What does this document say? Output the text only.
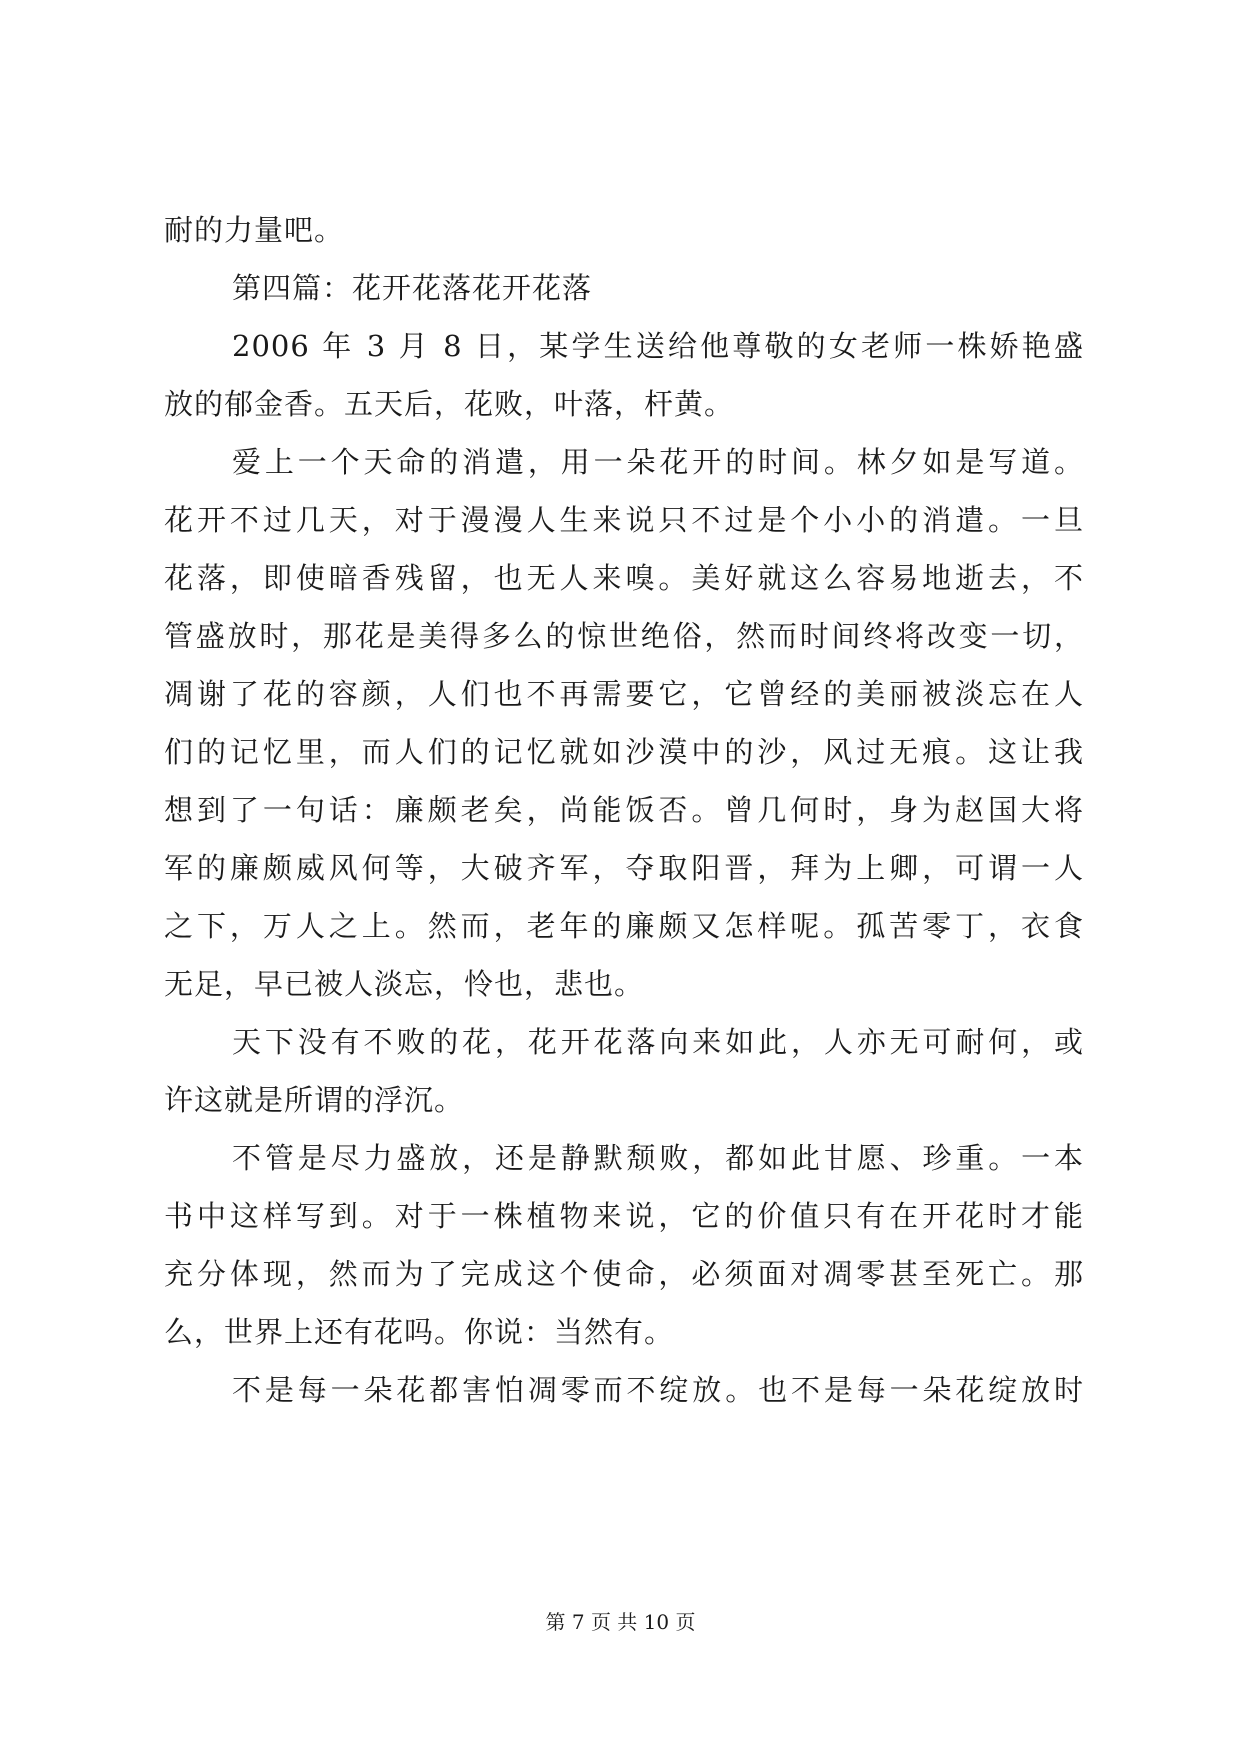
耐的力量吧。
第四篇：花开花落花开花落
2006 年 3 月 8 日，某学生送给他尊敬的女老师一株娇艳盛
放的郁金香。五天后，花败，叶落，杆黄。
爱上一个天命的消遣，用一朵花开的时间。林夕如是写道。
花开不过几天，对于漫漫人生来说只不过是个小小的消遣。一旦
花落，即使暗香残留，也无人来嗅。美好就这么容易地逝去，不
管盛放时，那花是美得多么的惊世绝俗，然而时间终将改变一切，
凋谢了花的容颜，人们也不再需要它，它曾经的美丽被淡忘在人
们的记忆里，而人们的记忆就如沙漠中的沙，风过无痕。这让我
想到了一句话：廉颇老矣，尚能饭否。曾几何时，身为赵国大将
军的廉颇威风何等，大破齐军，夺取阳晋，拜为上卿，可谓一人
之下，万人之上。然而，老年的廉颇又怎样呢。孤苦零丁，衣食
无足，早已被人淡忘，怜也，悲也。
天下没有不败的花，花开花落向来如此，人亦无可耐何，或
许这就是所谓的浮沉。
不管是尽力盛放，还是静默颓败，都如此甘愿、珍重。一本
书中这样写到。对于一株植物来说，它的价值只有在开花时才能
充分体现，然而为了完成这个使命，必须面对凋零甚至死亡。那
么，世界上还有花吗。你说：当然有。
不是每一朵花都害怕凋零而不绽放。也不是每一朵花绽放时
第 7 页 共 10 页
